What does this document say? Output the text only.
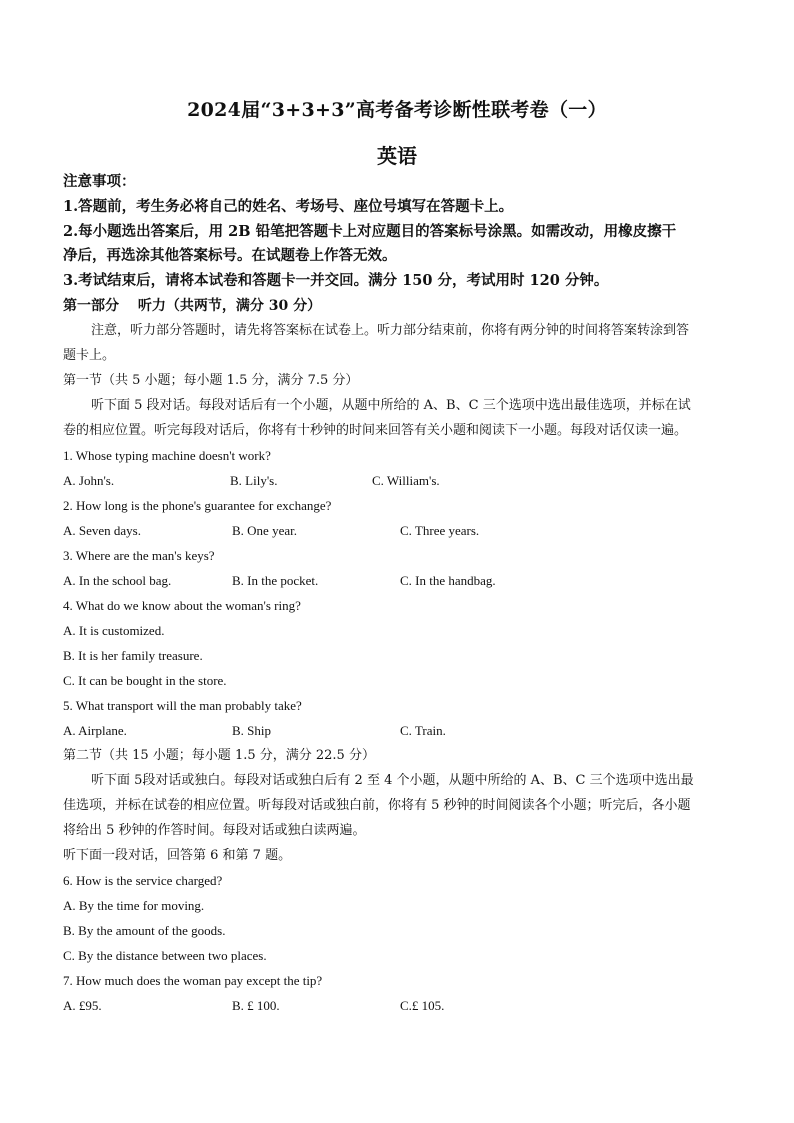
2024届“3+3+3”高考备考诊断性联考卷（一）
英语
注意事项：
1.答题前，考生务必将自己的姓名、考场号、座位号填写在答题卡上。
2.每小题选出答案后，用 2B 铅笔把答题卡上对应题目的答案标号涂黑。如需改动，用橡皮擦干
净后，再选涂其他答案标号。在试题卷上作答无效。
3.考试结束后，请将本试卷和答题卡一并交回。满分 150 分，考试用时 120 分钟。
第一部分　 听力（共两节，满分 30 分）
注意，听力部分答题时，请先将答案标在试卷上。听力部分结束前，你将有两分钟的时间将答案转涂到答
题卡上。
第一节（共 5 小题；每小题 1.5 分，满分 7.5 分）
听下面 5 段对话。每段对话后有一个小题，从题中所给的 A、B、C 三个选项中选出最佳选项，并标在试
卷的相应位置。听完每段对话后，你将有十秒钟的时间来回答有关小题和阅读下一小题。每段对话仅读一遍。
1. Whose typing machine doesn't work?
A. John's.	B. Lily's.	C. William's.
2. How long is the phone's guarantee for exchange?
A. Seven days.	B. One year.	C. Three years.
3. Where are the man's keys?
A. In the school bag.	B. In the pocket.	C. In the handbag.
4. What do we know about the woman's ring?
A. It is customized.
B. It is her family treasure.
C. It can be bought in the store.
5. What transport will the man probably take?
A. Airplane.	B. Ship	C. Train.
第二节（共 15 小题；每小题 1.5 分，满分 22.5 分）
听下面 5段对话或独白。每段对话或独白后有 2 至 4 个小题，从题中所给的 A、B、C 三个选项中选出最
佳选项，并标在试卷的相应位置。听每段对话或独白前，你将有 5 秒钟的时间阅读各个小题；听完后，各小题
将给出 5 秒钟的作答时间。每段对话或独白读两遍。
听下面一段对话，回答第 6 和第 7 题。
6. How is the service charged?
A. By the time for moving.
B. By the amount of the goods.
C. By the distance between two places.
7. How much does the woman pay except the tip?
A. £95.	B. £ 100.	C.£ 105.
